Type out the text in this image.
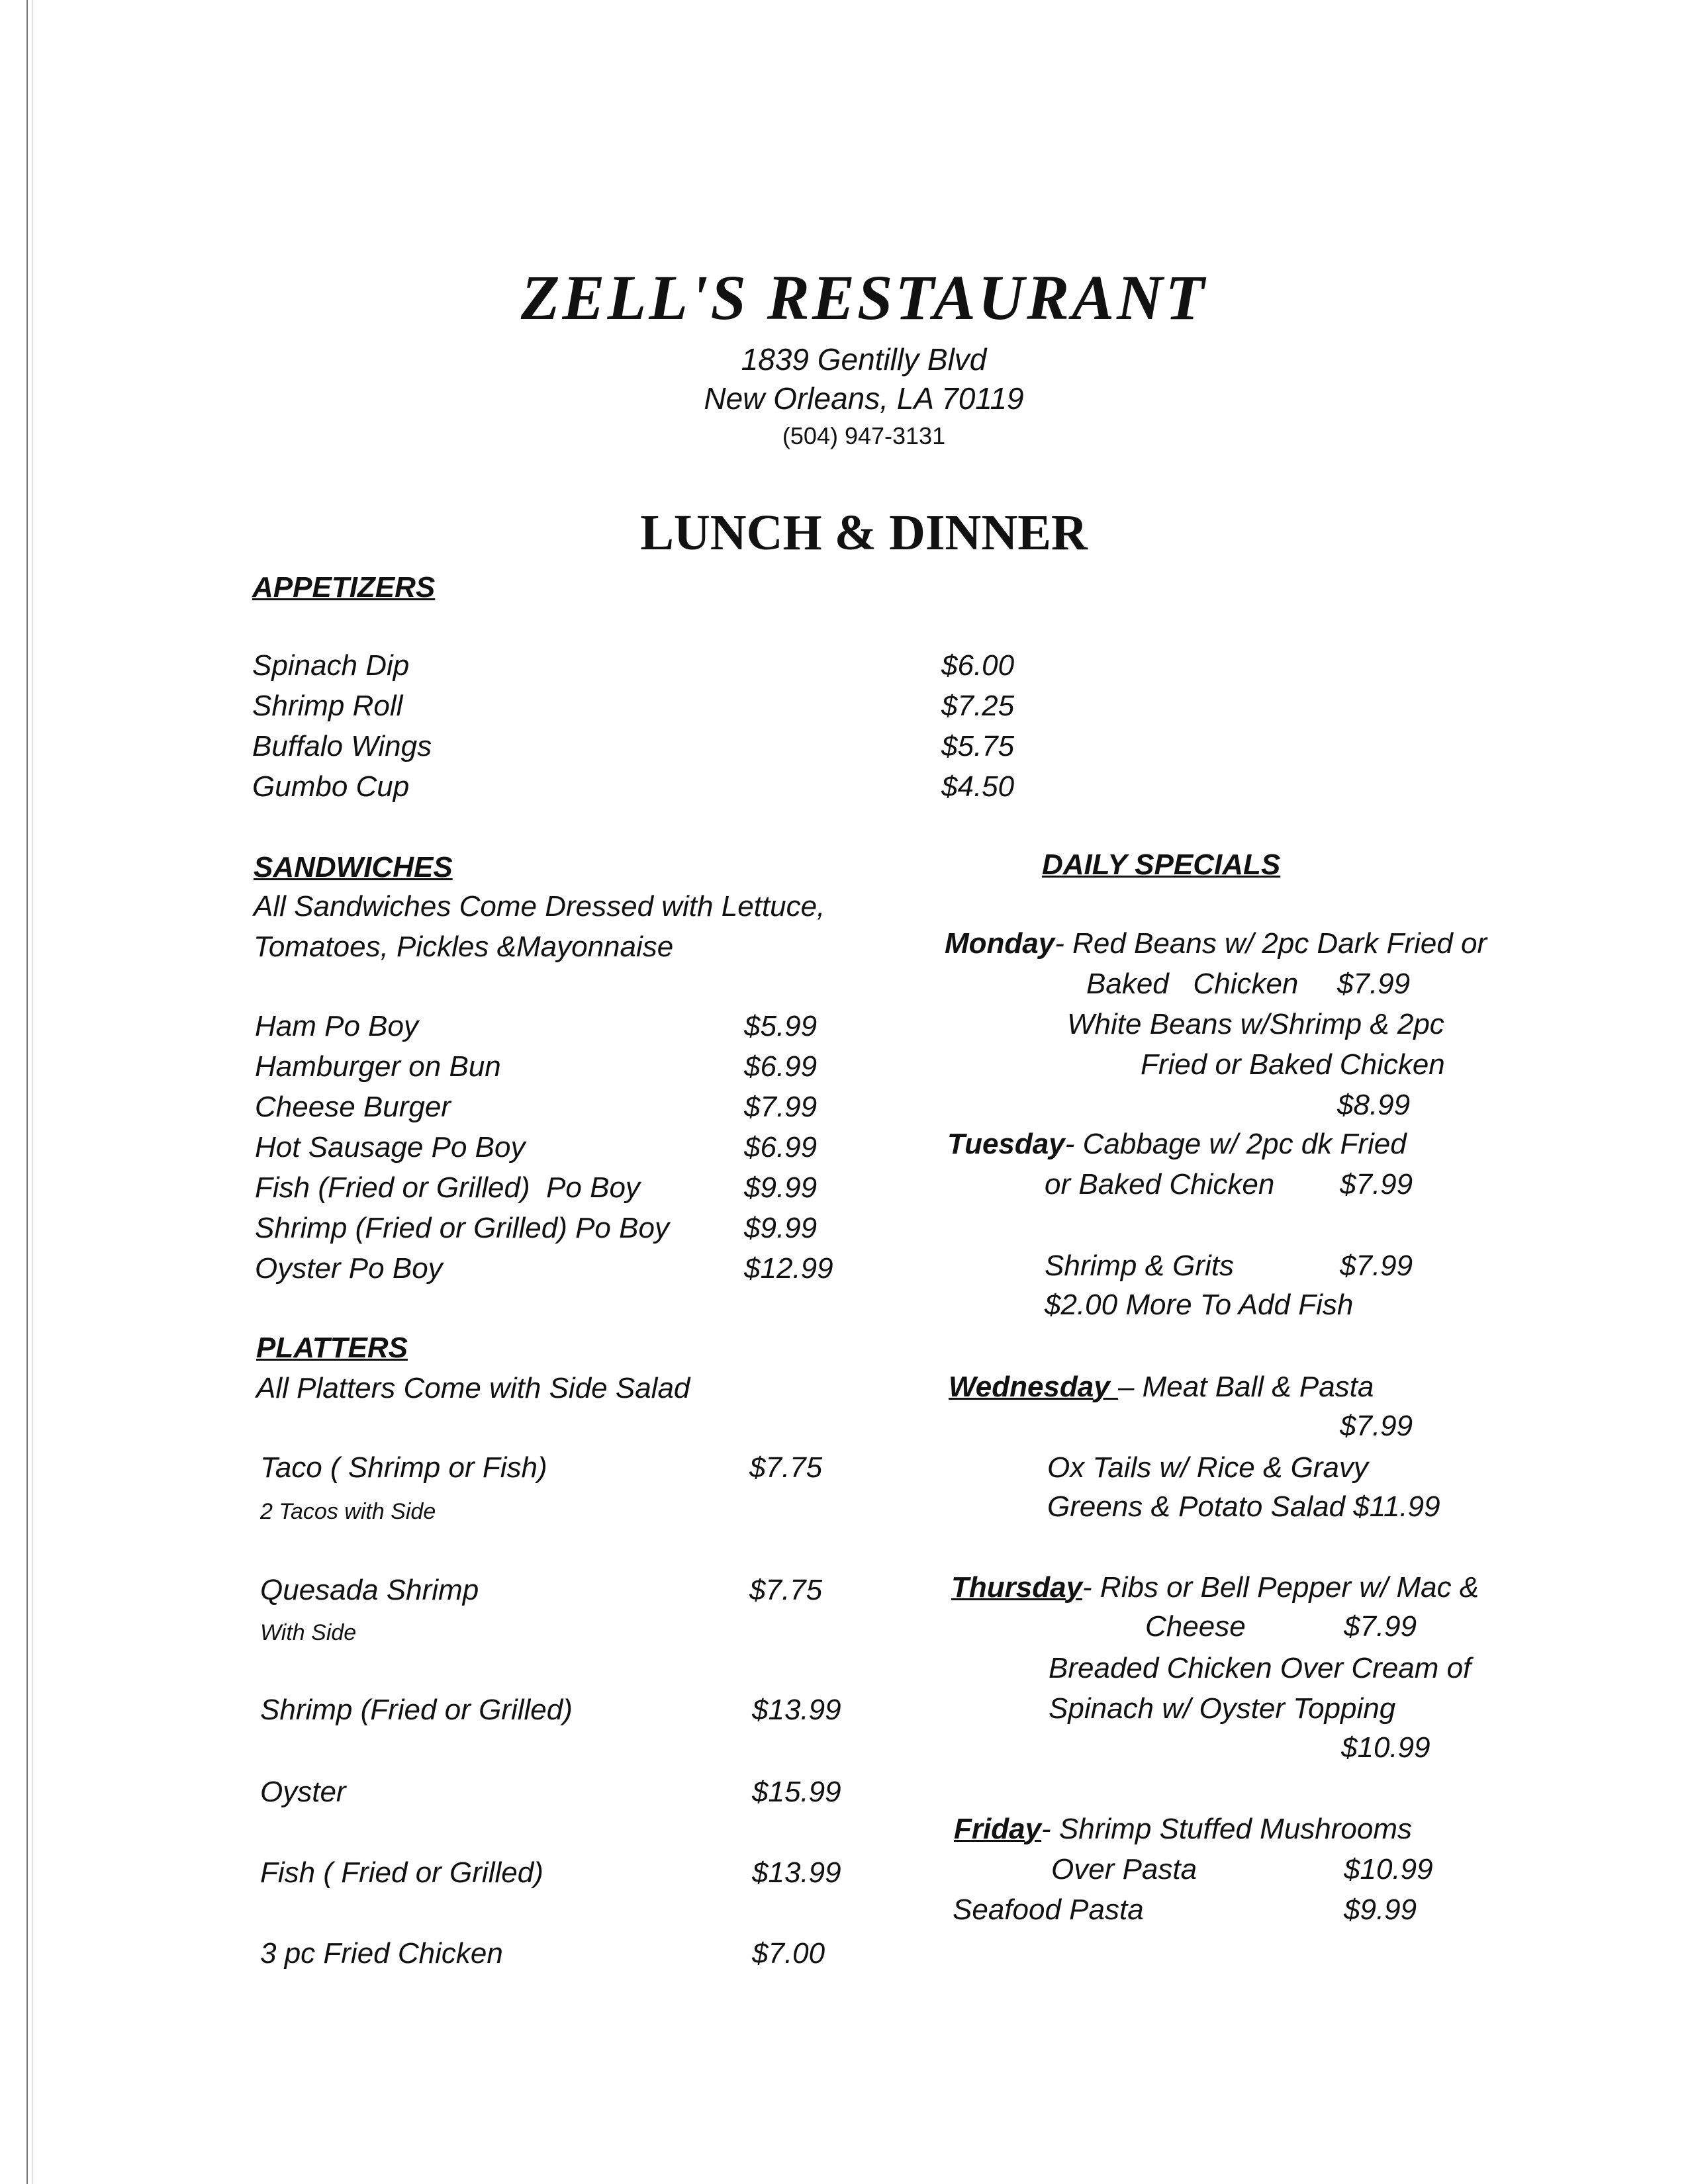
ZELL'S RESTAURANT
1839 Gentilly Blvd
New Orleans, LA 70119
(504) 947-3131
LUNCH & DINNER
APPETIZERS
Spinach Dip	$6.00
Shrimp Roll	$7.25
Buffalo Wings	$5.75
Gumbo Cup	$4.50
SANDWICHES
All Sandwiches Come Dressed with Lettuce,
Tomatoes, Pickles &Mayonnaise
Ham Po Boy	$5.99
Hamburger on Bun	$6.99
Cheese Burger	$7.99
Hot Sausage Po Boy	$6.99
Fish (Fried or Grilled)  Po Boy	$9.99
Shrimp (Fried or Grilled) Po Boy	$9.99
Oyster Po Boy	$12.99
PLATTERS
All Platters Come with Side Salad
Taco ( Shrimp or Fish)	$7.75
2 Tacos with Side
Quesada Shrimp	$7.75
With Side
Shrimp (Fried or Grilled)	$13.99
Oyster	$15.99
Fish ( Fried or Grilled)	$13.99
3 pc Fried Chicken	$7.00
DAILY SPECIALS
Monday- Red Beans w/ 2pc Dark Fried or
Baked   Chicken $7.99
White Beans w/Shrimp & 2pc
Fried or Baked Chicken
$8.99
Tuesday- Cabbage w/ 2pc dk Fried
or Baked Chicken $7.99
Shrimp & Grits	$7.99
$2.00 More To Add Fish
Wednesday – Meat Ball & Pasta
$7.99
Ox Tails w/ Rice & Gravy
Greens & Potato Salad $11.99
Thursday- Ribs or Bell Pepper w/ Mac &
Cheese	$7.99
Breaded Chicken Over Cream of
Spinach w/ Oyster Topping
$10.99
Friday- Shrimp Stuffed Mushrooms
Over Pasta	$10.99
Seafood Pasta	$9.99
